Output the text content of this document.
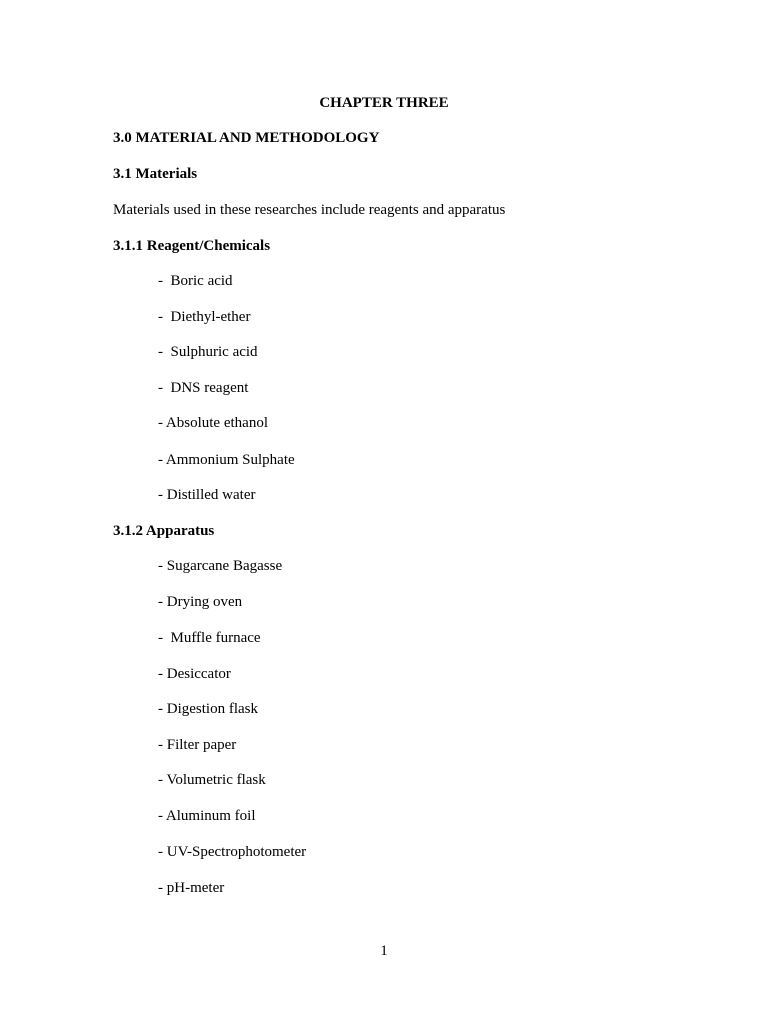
CHAPTER THREE

3.0 MATERIAL AND METHODOLOGY

3.1 Materials

Materials used in these researches include reagents and apparatus

3.1.1 Reagent/Chemicals

-  Boric acid

-  Diethyl-ether

-  Sulphuric acid

-  DNS reagent

- Absolute ethanol

- Ammonium Sulphate

- Distilled water

3.1.2 Apparatus

- Sugarcane Bagasse

- Drying oven

-  Muffle furnace

- Desiccator

- Digestion flask

- Filter paper

- Volumetric flask

- Aluminum foil

- UV-Spectrophotometer

- pH-meter

1
